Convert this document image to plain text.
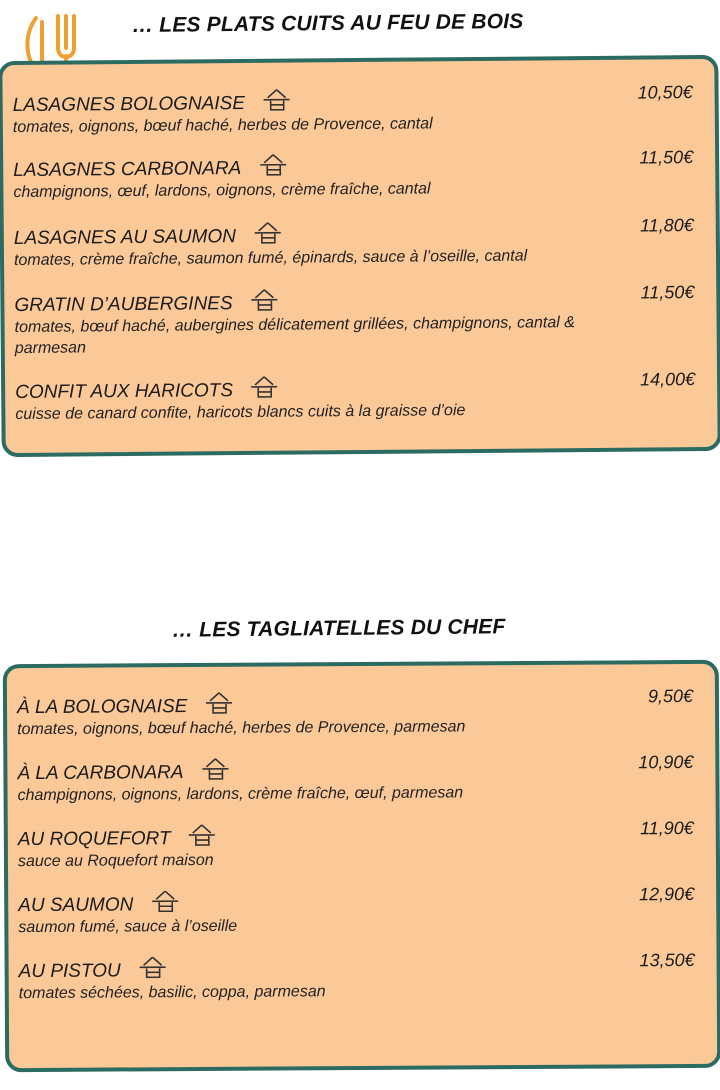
… LES PLATS CUITS AU FEU DE BOIS
LASAGNES BOLOGNAISE
10,50€
tomates, oignons, bœuf haché, herbes de Provence, cantal
LASAGNES CARBONARA
11,50€
champignons, œuf, lardons, oignons, crème fraîche, cantal
LASAGNES AU SAUMON
11,80€
tomates, crème fraîche, saumon fumé, épinards, sauce à l’oseille, cantal
GRATIN D’AUBERGINES
11,50€
tomates, bœuf haché, aubergines délicatement grillées, champignons, cantal & parmesan
CONFIT AUX HARICOTS
14,00€
cuisse de canard confite, haricots blancs cuits à la graisse d’oie
… LES TAGLIATELLES DU CHEF
À LA BOLOGNAISE	9,50€
tomates, oignons, bœuf haché, herbes de Provence, parmesan
À LA CARBONARA	10,90€
champignons, oignons, lardons, crème fraîche, œuf, parmesan
AU ROQUEFORT
11,90€
sauce au Roquefort maison
AU SAUMON
12,90€
saumon fumé, sauce à l’oseille
AU PISTOU
13,50€
tomates séchées, basilic, coppa, parmesan
